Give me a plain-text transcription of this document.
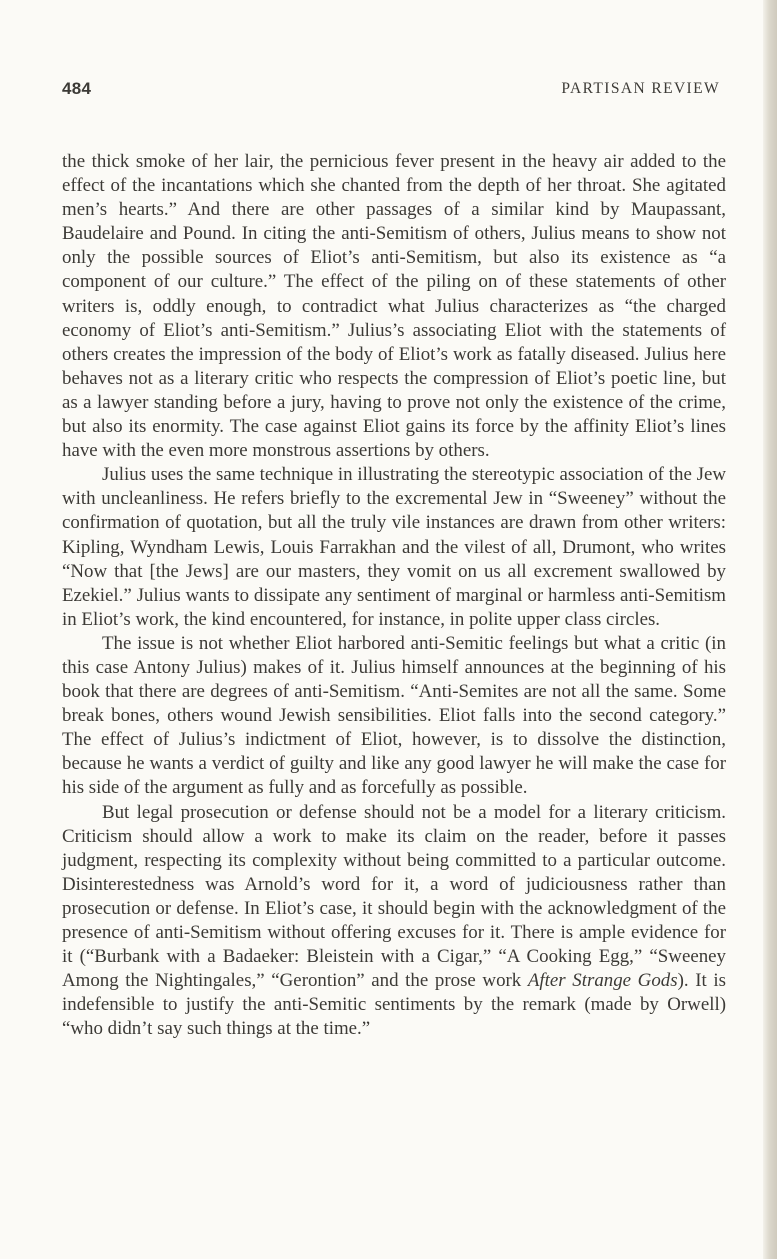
484	PARTISAN REVIEW

the thick smoke of her lair, the pernicious fever present in the heavy air added to the effect of the incantations which she chanted from the depth of her throat. She agitated men’s hearts.” And there are other passages of a similar kind by Maupassant, Baudelaire and Pound. In citing the anti-Semitism of others, Julius means to show not only the possible sources of Eliot’s anti-Semitism, but also its existence as “a component of our culture.” The effect of the piling on of these statements of other writers is, oddly enough, to contradict what Julius characterizes as “the charged economy of Eliot’s anti-Semitism.” Julius’s associating Eliot with the statements of others creates the impression of the body of Eliot’s work as fatally diseased. Julius here behaves not as a literary critic who respects the compression of Eliot’s poetic line, but as a lawyer standing before a jury, having to prove not only the existence of the crime, but also its enormity. The case against Eliot gains its force by the affinity Eliot’s lines have with the even more monstrous assertions by others.

Julius uses the same technique in illustrating the stereotypic association of the Jew with uncleanliness. He refers briefly to the excremental Jew in “Sweeney” without the confirmation of quotation, but all the truly vile instances are drawn from other writers: Kipling, Wyndham Lewis, Louis Farrakhan and the vilest of all, Drumont, who writes “Now that [the Jews] are our masters, they vomit on us all excrement swallowed by Ezekiel.” Julius wants to dissipate any sentiment of marginal or harmless anti-Semitism in Eliot’s work, the kind encountered, for instance, in polite upper class circles.

The issue is not whether Eliot harbored anti-Semitic feelings but what a critic (in this case Antony Julius) makes of it. Julius himself announces at the beginning of his book that there are degrees of anti-Semitism. “Anti-Semites are not all the same. Some break bones, others wound Jewish sensibilities. Eliot falls into the second category.” The effect of Julius’s indictment of Eliot, however, is to dissolve the distinction, because he wants a verdict of guilty and like any good lawyer he will make the case for his side of the argument as fully and as forcefully as possible.

But legal prosecution or defense should not be a model for a literary criticism. Criticism should allow a work to make its claim on the reader, before it passes judgment, respecting its complexity without being committed to a particular outcome. Disinterestedness was Arnold’s word for it, a word of judiciousness rather than prosecution or defense. In Eliot’s case, it should begin with the acknowledgment of the presence of anti-Semitism without offering excuses for it. There is ample evidence for it (“Burbank with a Badaeker: Bleistein with a Cigar,” “A Cooking Egg,” “Sweeney Among the Nightingales,” “Gerontion” and the prose work After Strange Gods). It is indefensible to justify the anti-Semitic sentiments by the remark (made by Orwell) “who didn’t say such things at the time.”
